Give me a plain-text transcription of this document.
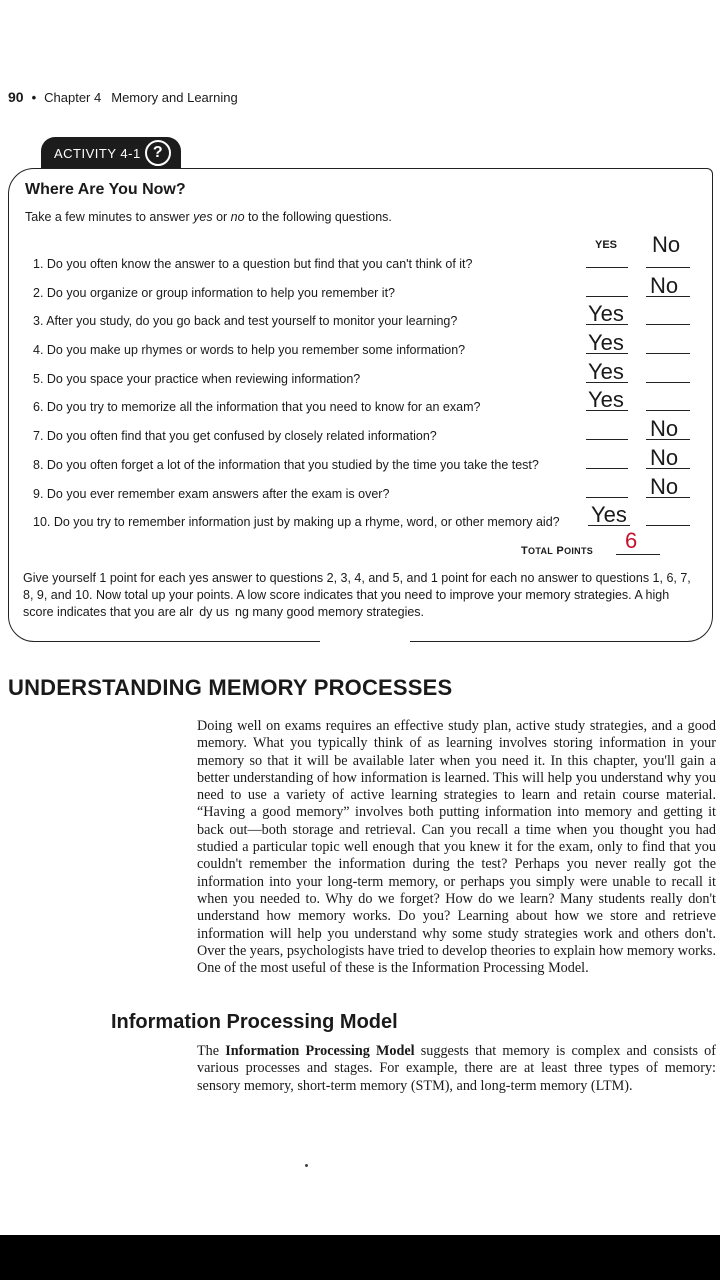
90 • Chapter 4 Memory and Learning
ACTIVITY 4-1 ?
Where Are You Now?
Take a few minutes to answer yes or no to the following questions.
YES No
1. Do you often know the answer to a question but find that you can't think of it?
2. Do you organize or group information to help you remember it?	No
3. After you study, do you go back and test yourself to monitor your learning?	Yes
4. Do you make up rhymes or words to help you remember some information?	Yes
5. Do you space your practice when reviewing information?	Yes
6. Do you try to memorize all the information that you need to know for an exam?	Yes
7. Do you often find that you get confused by closely related information?	No
8. Do you often forget a lot of the information that you studied by the time you take the test?	No
9. Do you ever remember exam answers after the exam is over?	No
10. Do you try to remember information just by making up a rhyme, word, or other memory aid? Yes
TOTAL POINTS 6
Give yourself 1 point for each yes answer to questions 2, 3, 4, and 5, and 1 point for each no answer to questions 1, 6, 7, 8, 9, and 10. Now total up your points. A low score indicates that you need to improve your memory strategies. A high score indicates that you are alr  dy us  ng many good memory strategies.
UNDERSTANDING MEMORY PROCESSES
Doing well on exams requires an effective study plan, active study strategies, and a good memory. What you typically think of as learning involves storing information in your memory so that it will be available later when you need it. In this chapter, you'll gain a better understanding of how information is learned. This will help you understand why you need to use a variety of active learning strategies to learn and retain course material. “Having a good memory” involves both putting information into memory and getting it back out—both storage and retrieval. Can you recall a time when you thought you had studied a particular topic well enough that you knew it for the exam, only to find that you couldn't remember the information during the test? Perhaps you never really got the information into your long-term memory, or perhaps you simply were unable to recall it when you needed to. Why do we forget? How do we learn? Many students really don't understand how memory works. Do you? Learning about how we store and retrieve information will help you understand why some study strategies work and others don't. Over the years, psychologists have tried to develop theories to explain how memory works. One of the most useful of these is the Information Processing Model.
Information Processing Model
The Information Processing Model suggests that memory is complex and consists of various processes and stages. For example, there are at least three types of memory: sensory memory, short-term memory (STM), and long-term memory (LTM).
